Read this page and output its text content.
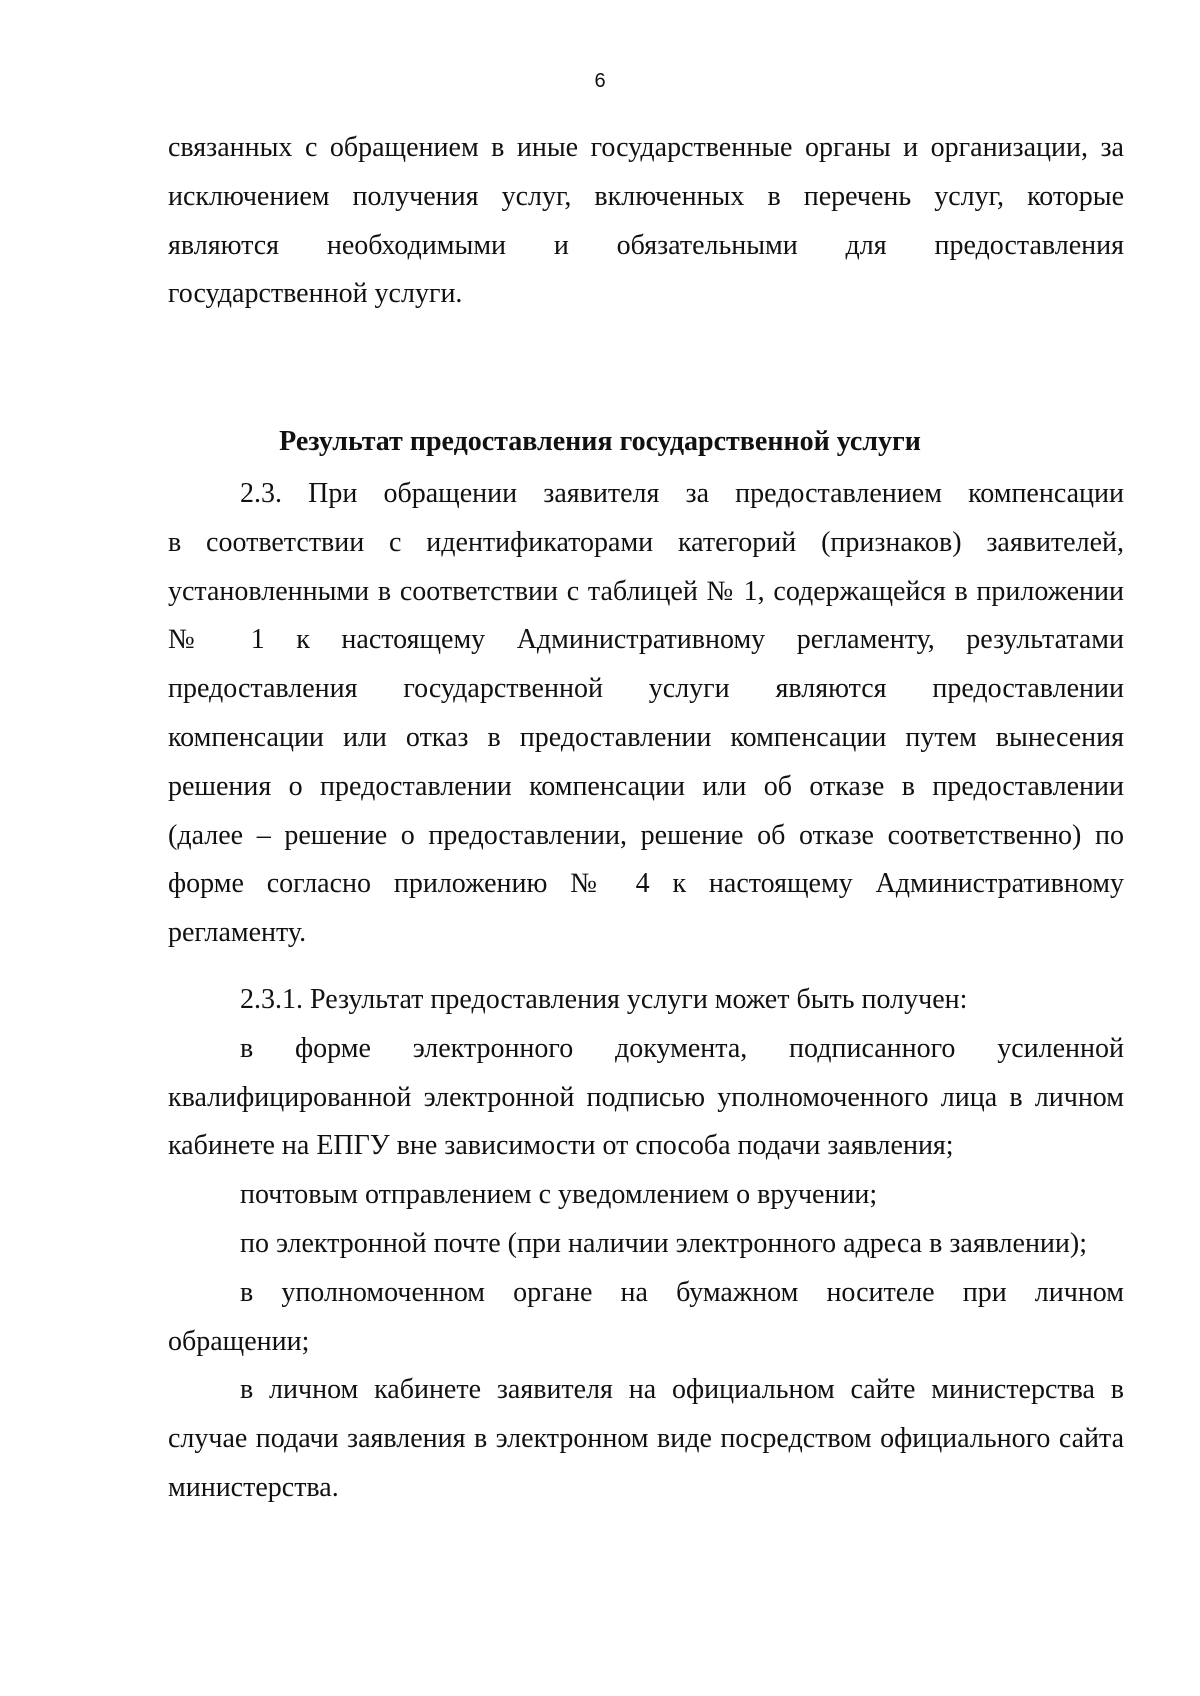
6

связанных с обращением в иные государственные органы и организации, за

исключением получения услуг, включенных в перечень услуг, которые

являются необходимыми и обязательными для предоставления

государственной услуги.

Результат предоставления государственной услуги

2.3. При обращении заявителя за предоставлением компенсации

в соответствии с идентификаторами категорий (признаков) заявителей,

установленными в соответствии с таблицей № 1, содержащейся в приложении

№ 1 к настоящему Административному регламенту, результатами

предоставления государственной услуги являются предоставлении

компенсации или отказ в предоставлении компенсации путем вынесения

решения о предоставлении компенсации или об отказе в предоставлении

(далее – решение о предоставлении, решение об отказе соответственно) по

форме согласно приложению № 4 к настоящему Административному

регламенту.

2.3.1. Результат предоставления услуги может быть получен:

в форме электронного документа, подписанного усиленной

квалифицированной электронной подписью уполномоченного лица в личном

кабинете на ЕПГУ вне зависимости от способа подачи заявления;

почтовым отправлением с уведомлением о вручении;

по электронной почте (при наличии электронного адреса в заявлении);

в уполномоченном органе на бумажном носителе при личном

обращении;

в личном кабинете заявителя на официальном сайте министерства в

случае подачи заявления в электронном виде посредством официального сайта

министерства.
